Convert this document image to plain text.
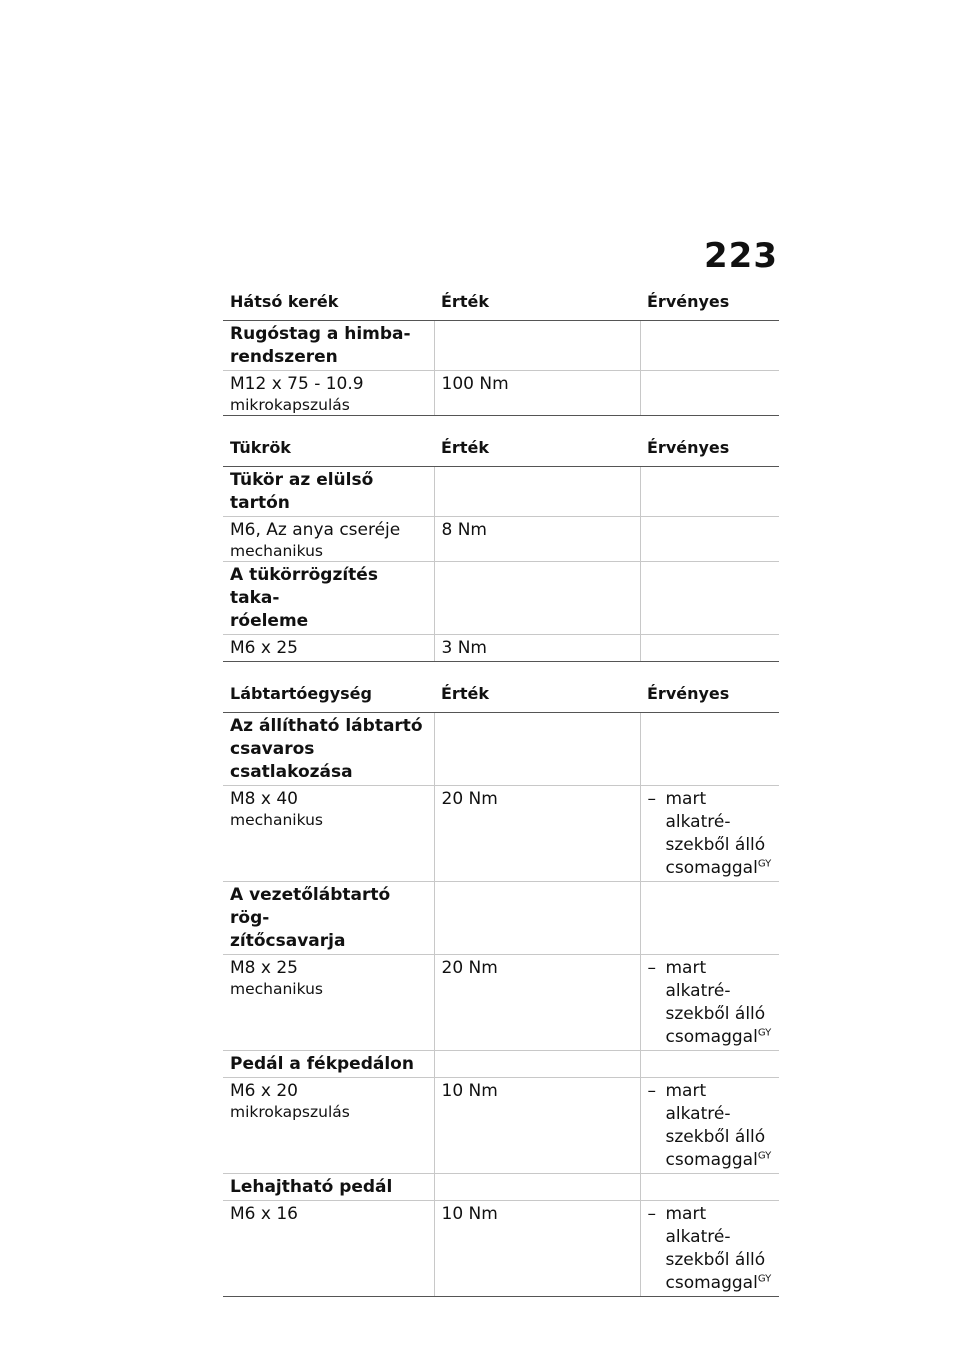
223
Hátsó kerék	Érték	Érvényes
Rugóstag a himba-
rendszeren		

M12 x 75 - 10.9
mikrokapszulás	100 Nm	
Tükrök	Érték	Érvényes
Tükör az elülső tartón		

M6, Az anya cseréje
mechanikus	8 Nm	
A tükörrögzítés taka-
róeleme		

M6 x 25	3 Nm	
Lábtartóegység	Érték	Érvényes
Az állítható lábtartó
csavaros csatlakozása		

M8 x 40
mechanikus	20 Nm	– mart alkatré-
szekből álló
csomaggal$^{GY}$

A vezetőlábtartó rög-
zítőcsavarja		

M8 x 25
mechanikus	20 Nm	– mart alkatré-
szekből álló
csomaggal$^{GY}$

Pedál a fékpedálon		

M6 x 20
mikrokapszulás	10 Nm	– mart alkatré-
szekből álló
csomaggal$^{GY}$

Lehajtható pedál		

M6 x 16	10 Nm	– mart alkatré-
szekből álló
csomaggal$^{GY}$
